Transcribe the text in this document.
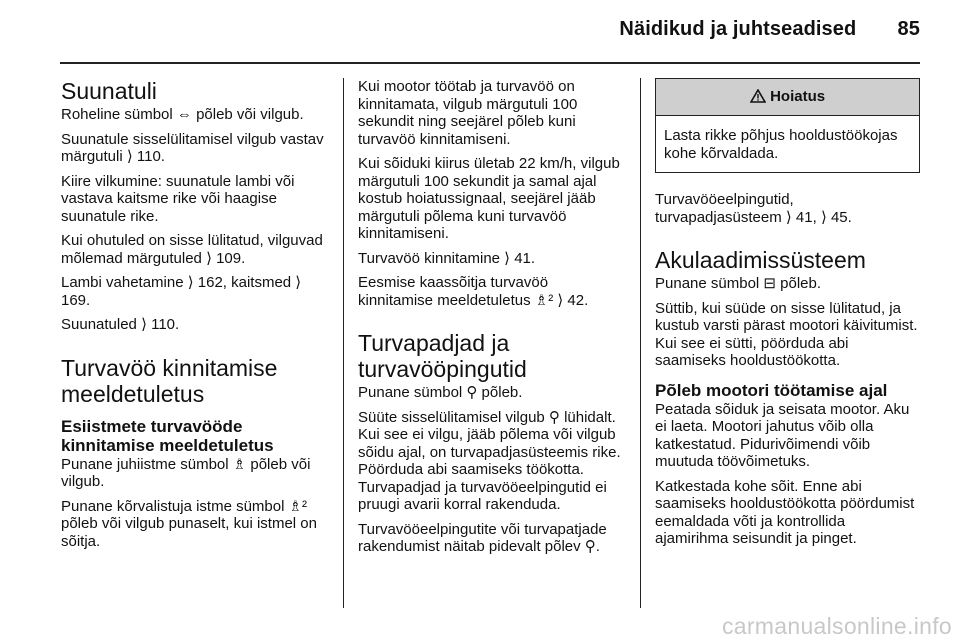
Näidikud ja juhtseadised 85
Suunatuli

Roheline sümbol ⇔ põleb või vilgub.

Suunatule sisselülitamisel vilgub vastav märgutuli ⟩ 110.

Kiire vilkumine: suunatule lambi või vastava kaitsme rike või haagise suunatule rike.

Kui ohutuled on sisse lülitatud, vilguvad mõlemad märgutuled ⟩ 109.

Lambi vahetamine ⟩ 162, kaitsmed ⟩ 169.

Suunatuled ⟩ 110.

Turvavöö kinnitamise meeldetuletus
Esiistmete turvavööde kinnitamise meeldetuletus

Punane juhiistme sümbol ♗ põleb või vilgub.

Punane kõrvalistuja istme sümbol ♗² põleb või vilgub punaselt, kui istmel on sõitja.

Kui mootor töötab ja turvavöö on kinnitamata, vilgub märgutuli 100 sekundit ning seejärel põleb kuni turvavöö kinnitamiseni.

Kui sõiduki kiirus ületab 22 km/h, vilgub märgutuli 100 sekundit ja samal ajal kostub hoiatussignaal, seejärel jääb märgutuli põlema kuni turvavöö kinnitamiseni.

Turvavöö kinnitamine ⟩ 41.

Eesmise kaassõitja turvavöö kinnitamise meeldetuletus ♗² ⟩ 42.

Turvapadjad ja turvavööpingutid

Punane sümbol ⚲ põleb.

Süüte sisselülitamisel vilgub ⚲ lühidalt. Kui see ei vilgu, jääb põlema või vilgub sõidu ajal, on turvapadjasüsteemis rike. Pöörduda abi saamiseks töökotta. Turvapadjad ja turvavööeelpingutid ei pruugi avarii korral rakenduda.

Turvavööeelpingutite või turvapatjade rakendumist näitab pidevalt põlev ⚲.

Hoiatus
Lasta rikke põhjus hooldustöökojas kohe kõrvaldada.

Turvavööeelpingutid, turvapadjasüsteem ⟩ 41, ⟩ 45.

Akulaadimissüsteem

Punane sümbol ⊟ põleb.

Süttib, kui süüde on sisse lülitatud, ja kustub varsti pärast mootori käivitumist. Kui see ei sütti, pöörduda abi saamiseks hooldustöökotta.

Põleb mootori töötamise ajal

Peatada sõiduk ja seisata mootor. Aku ei laeta. Mootori jahutus võib olla katkestatud. Pidurivõimendi võib muutuda töövõimetuks.

Katkestada kohe sõit. Enne abi saamiseks hooldustöökotta pöördumist eemaldada võti ja kontrollida ajamirihma seisundit ja pinget.

carmanualsonline.info
